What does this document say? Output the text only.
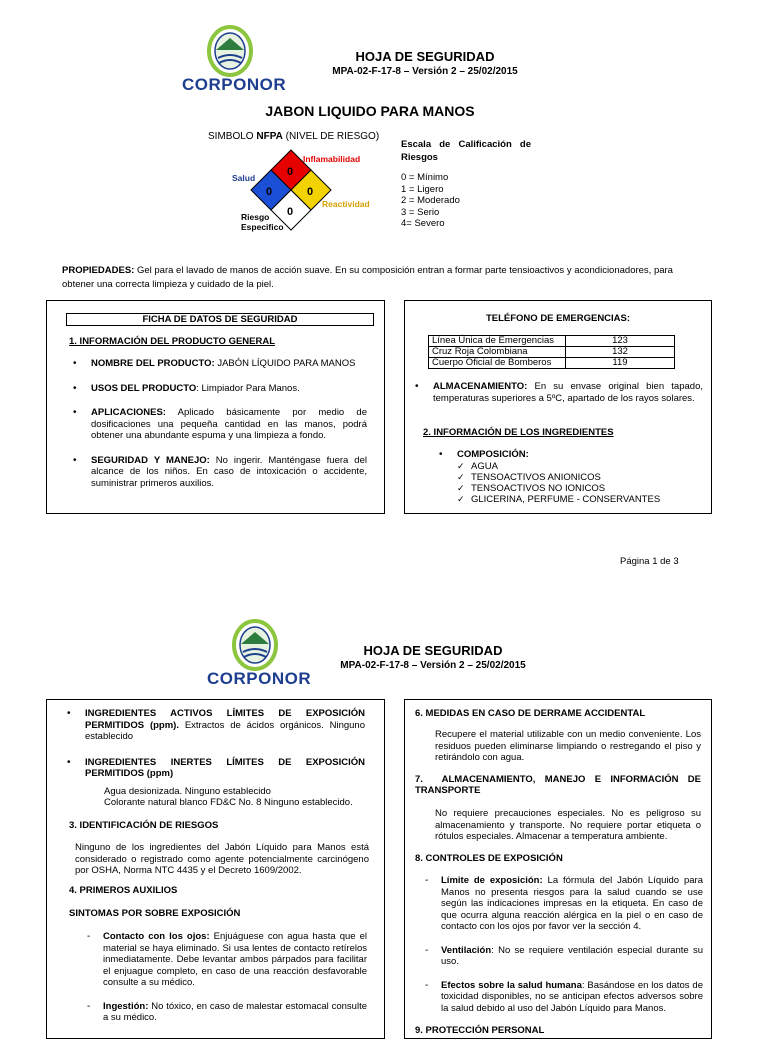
CORPONOR
HOJA DE SEGURIDAD
MPA-02-F-17-8 – Versión 2 – 25/02/2015
JABON LIQUIDO PARA MANOS
SIMBOLO NFPA (NIVEL DE RIESGO)
0
0	0
0
Inflamabilidad
Salud
Reactividad
Riesgo
Especifico
Escala de Calificación de Riesgos
0 = Mínimo
1 = Ligero
2 = Moderado
3 = Serio
4= Severo
PROPIEDADES: Gel para el lavado de manos de acción suave. En su composición entran a formar parte tensioactivos y acondicionadores, para obtener una correcta limpieza y cuidado de la piel.
FICHA DE DATOS DE SEGURIDAD
1. INFORMACIÓN DEL PRODUCTO GENERAL
• NOMBRE DEL PRODUCTO: JABÓN LÍQUIDO PARA MANOS
• USOS DEL PRODUCTO: Limpiador Para Manos.
• APLICACIONES: Aplicado básicamente por medio de dosificaciones una pequeña cantidad en las manos, podrá obtener una abundante espuma y una limpieza a fondo.
• SEGURIDAD Y MANEJO: No ingerir. Manténgase fuera del alcance de los niños. En caso de intoxicación o accidente, suministrar primeros auxilios.
TELÉFONO DE EMERGENCIAS:
Línea Única de Emergencias	123
Cruz Roja Colombiana	132
Cuerpo Oficial de Bomberos	119
• ALMACENAMIENTO: En su envase original bien tapado, temperaturas superiores a 5ºC, apartado de los rayos solares.
2. INFORMACIÓN DE LOS INGREDIENTES
• COMPOSICIÓN:
✓ AGUA
✓ TENSOACTIVOS ANIONICOS
✓ TENSOACTIVOS NO IONICOS
✓ GLICERINA, PERFUME - CONSERVANTES
Página 1 de 3
CORPONOR
HOJA DE SEGURIDAD
MPA-02-F-17-8 – Versión 2 – 25/02/2015
• INGREDIENTES ACTIVOS LÍMITES DE EXPOSICIÓN PERMITIDOS (ppm). Extractos de ácidos orgánicos. Ninguno establecido
• INGREDIENTES INERTES LÍMITES DE EXPOSICIÓN PERMITIDOS (ppm)
Agua desionizada. Ninguno establecido
Colorante natural blanco FD&C No. 8 Ninguno establecido.
3. IDENTIFICACIÓN DE RIESGOS
Ninguno de los ingredientes del Jabón Líquido para Manos está considerado o registrado como agente potencialmente carcinógeno por OSHA, Norma NTC 4435 y el Decreto 1609/2002.
4. PRIMEROS AUXILIOS
SINTOMAS POR SOBRE EXPOSICIÓN
- Contacto con los ojos: Enjuáguese con agua hasta que el material se haya eliminado. Si usa lentes de contacto retírelos inmediatamente. Debe levantar ambos párpados para facilitar el enjuague completo, en caso de una reacción desfavorable consulte a su médico.
- Ingestión: No tóxico, en caso de malestar estomacal consulte a su médico.
6. MEDIDAS EN CASO DE DERRAME ACCIDENTAL
Recupere el material utilizable con un medio conveniente. Los residuos pueden eliminarse limpiando o restregando el piso y retirándolo con agua.
7. ALMACENAMIENTO, MANEJO E INFORMACIÓN DE TRANSPORTE
No requiere precauciones especiales. No es peligroso su almacenamiento y transporte. No requiere portar etiqueta o rótulos especiales. Almacenar a temperatura ambiente.
8. CONTROLES DE EXPOSICIÓN
- Límite de exposición: La fórmula del Jabón Líquido para Manos no presenta riesgos para la salud cuando se use según las indicaciones impresas en la etiqueta. En caso de que ocurra alguna reacción alérgica en la piel o en caso de contacto con los ojos por favor ver la sección 4.
- Ventilación: No se requiere ventilación especial durante su uso.
- Efectos sobre la salud humana: Basándose en los datos de toxicidad disponibles, no se anticipan efectos adversos sobre la salud debido al uso del Jabón Líquido para Manos.
9. PROTECCIÓN PERSONAL
